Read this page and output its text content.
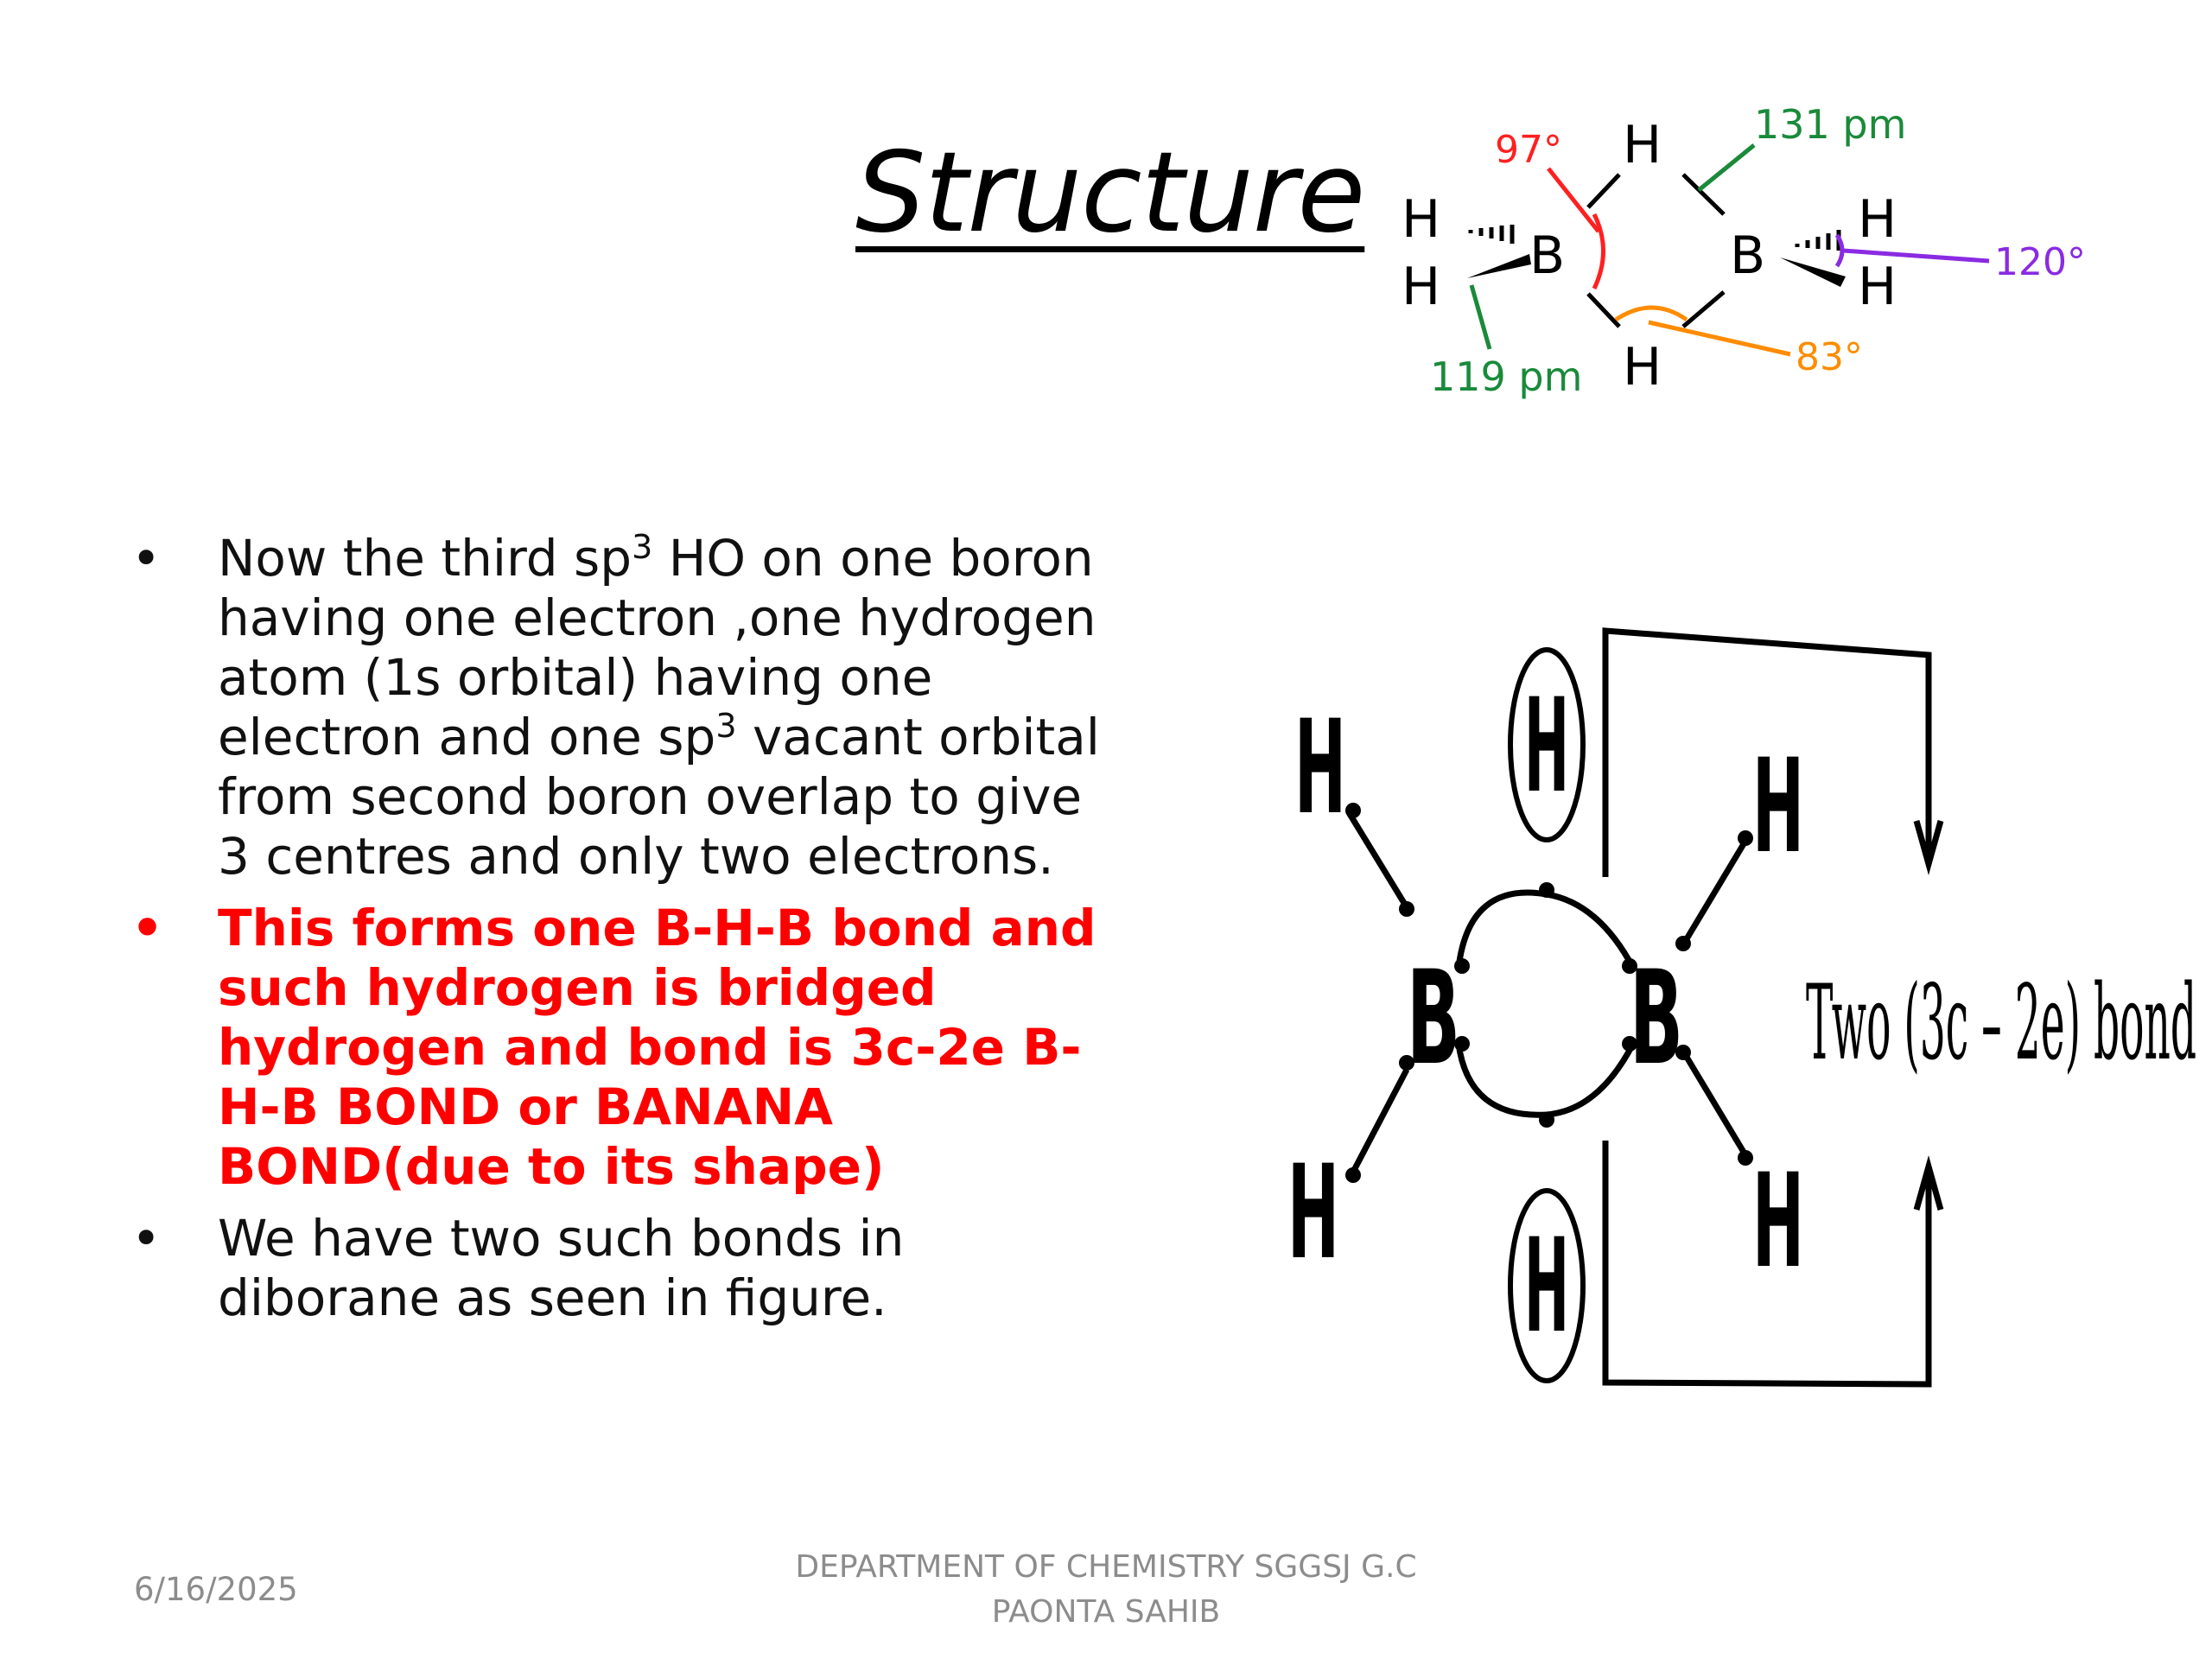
Structure	H
H
H
H
B	B
H
H
97°
131 pm
120°
119 pm	83°
• Now the third $sp^3$ HO on one boron having one electron ,one hydrogen atom (1s orbital) having one electron and one $sp^3$ vacant orbital from second boron overlap to give 3 centres and only two electrons.
• This forms one B-H-B bond and such hydrogen is bridged hydrogen and bond is 3c-2e B-H-B BOND or BANANA BOND(due to its shape)
• We have two such bonds in diborane as seen in figure.
H
H
H
H
H
H
B B Two (3c – 2e) bond
6/16/2025
DEPARTMENT OF CHEMISTRY SGGSJ G.C
PAONTA SAHIB
